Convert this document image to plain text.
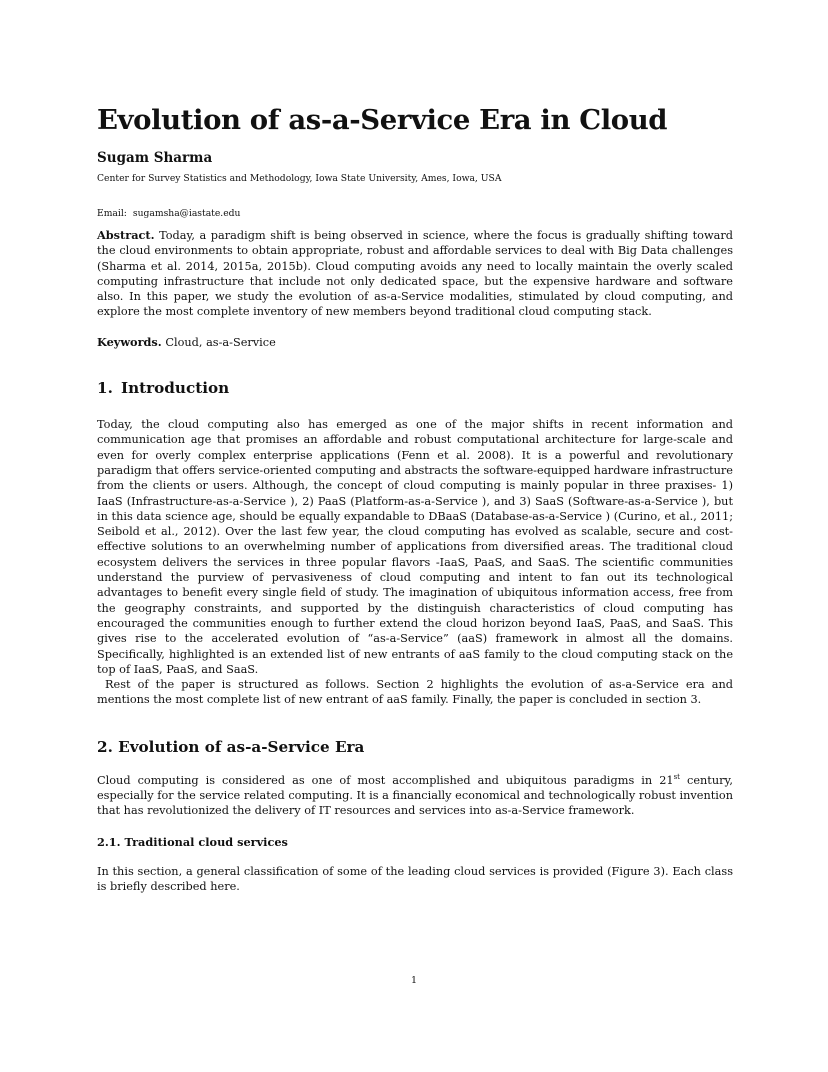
Evolution of as-a-Service Era in Cloud
Sugam Sharma
Center for Survey Statistics and Methodology, Iowa State University, Ames, Iowa, USA
Email: sugamsha@iastate.edu

Abstract. Today, a paradigm shift is being observed in science, where the focus is gradually shifting toward the cloud environments to obtain appropriate, robust and affordable services to deal with Big Data challenges (Sharma et al. 2014, 2015a, 2015b). Cloud computing avoids any need to locally maintain the overly scaled computing infrastructure that include not only dedicated space, but the expensive hardware and software also. In this paper, we study the evolution of as-a-Service modalities, stimulated by cloud computing, and explore the most complete inventory of new members beyond traditional cloud computing stack.

Keywords. Cloud, as-a-Service

1. Introduction

Today, the cloud computing also has emerged as one of the major shifts in recent information and communication age that promises an affordable and robust computational architecture for large-scale and even for overly complex enterprise applications (Fenn et al. 2008). It is a powerful and revolutionary paradigm that offers service-oriented computing and abstracts the software-equipped hardware infrastructure from the clients or users. Although, the concept of cloud computing is mainly popular in three praxises- 1) IaaS (Infrastructure-as-a-Service ), 2) PaaS (Platform-as-a-Service ), and 3) SaaS (Software-as-a-Service ), but in this data science age, should be equally expandable to DBaaS (Database-as-a-Service ) (Curino, et al., 2011; Seibold et al., 2012). Over the last few year, the cloud computing has evolved as scalable, secure and cost-effective solutions to an overwhelming number of applications from diversified areas. The traditional cloud ecosystem delivers the services in three popular flavors -IaaS, PaaS, and SaaS. The scientific communities understand the purview of pervasiveness of cloud computing and intent to fan out its technological advantages to benefit every single field of study. The imagination of ubiquitous information access, free from the geography constraints, and supported by the distinguish characteristics of cloud computing has encouraged the communities enough to further extend the cloud horizon beyond IaaS, PaaS, and SaaS. This gives rise to the accelerated evolution of “as-a-Service” (aaS) framework in almost all the domains. Specifically, highlighted is an extended list of new entrants of aaS family to the cloud computing stack on the top of IaaS, PaaS, and SaaS.

Rest of the paper is structured as follows. Section 2 highlights the evolution of as-a-Service era and mentions the most complete list of new entrant of aaS family. Finally, the paper is concluded in section 3.

2. Evolution of as-a-Service Era

Cloud computing is considered as one of most accomplished and ubiquitous paradigms in 21st century, especially for the service related computing. It is a financially economical and technologically robust invention that has revolutionized the delivery of IT resources and services into as-a-Service framework.

2.1. Traditional cloud services

In this section, a general classification of some of the leading cloud services is provided (Figure 3). Each class is briefly described here.

1
